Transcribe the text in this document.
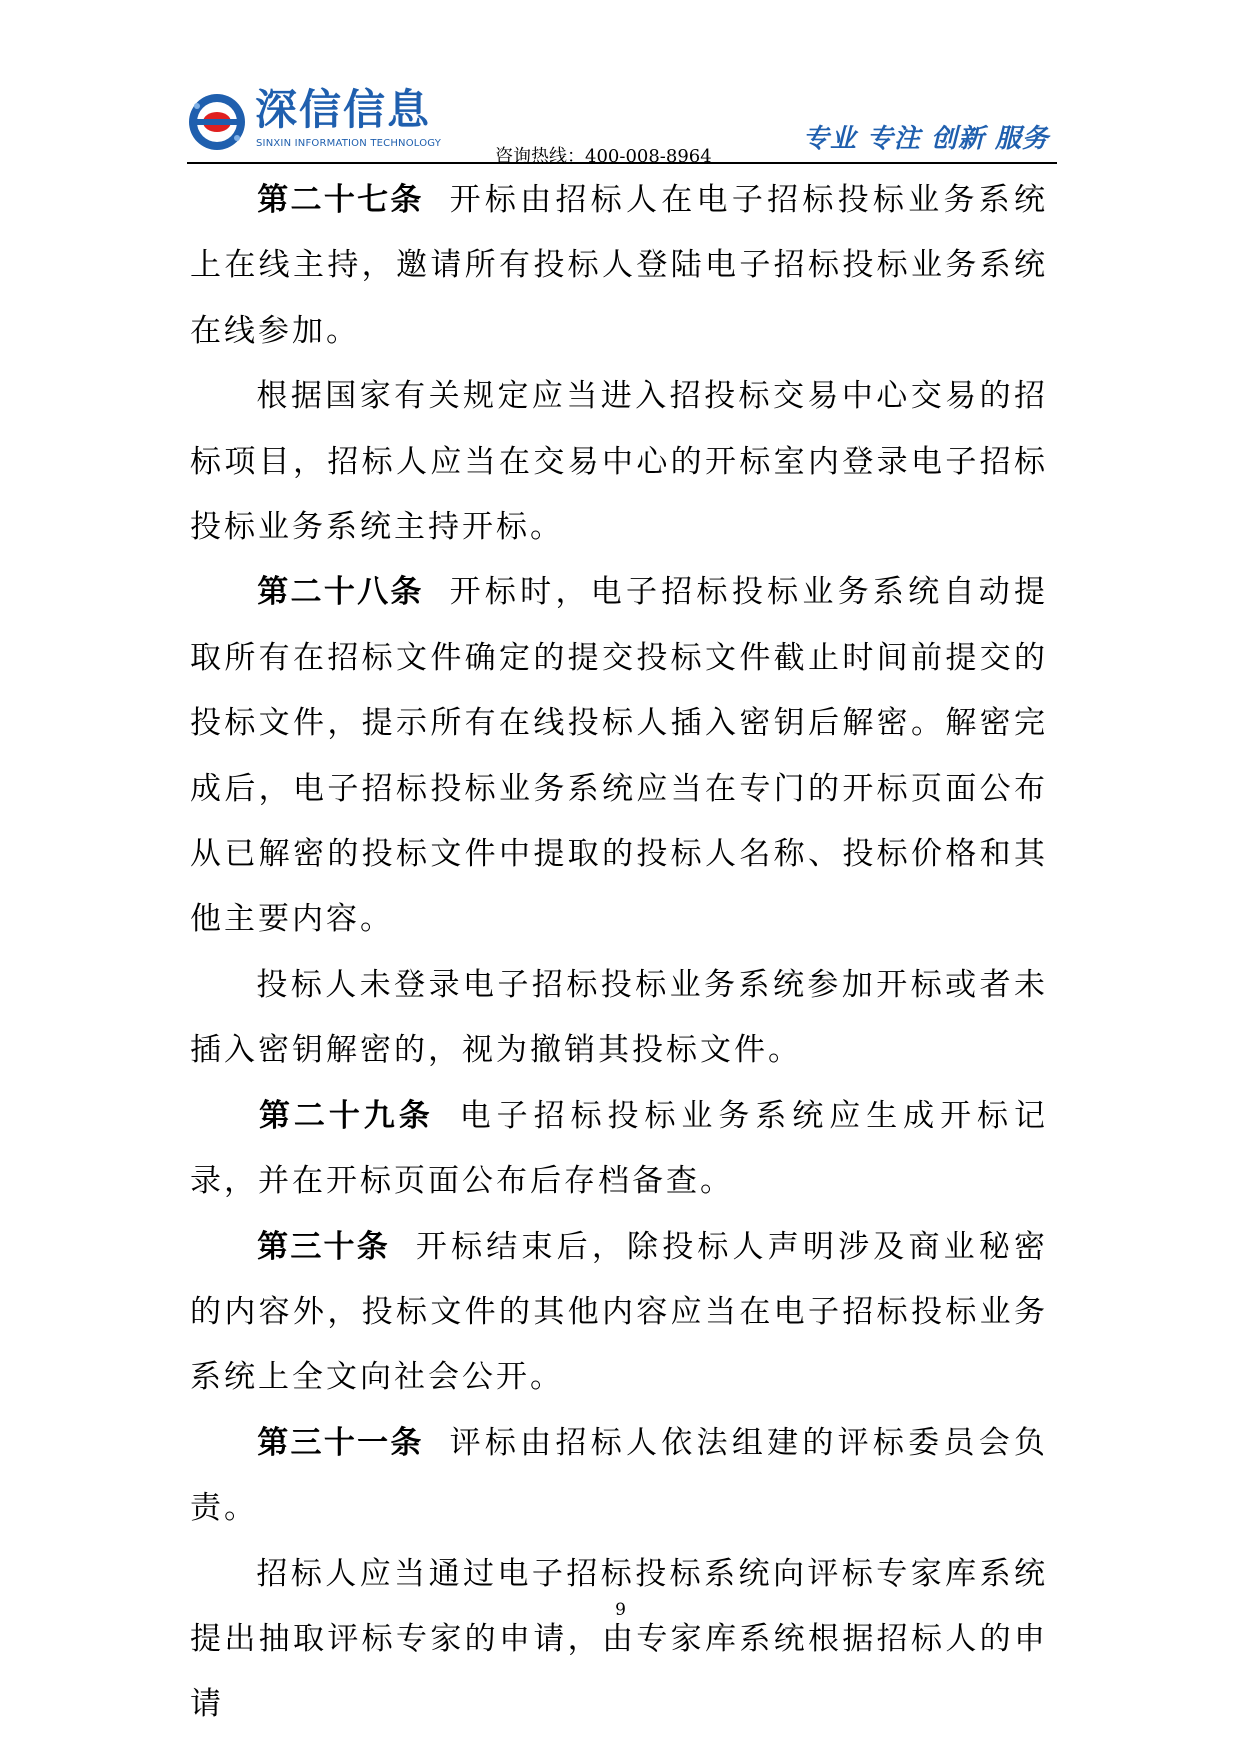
深信信息
SINXIN INFORMATION TECHNOLOGY
咨询热线：400-008-8964
专业 专注 创新 服务

第二十七条 开标由招标人在电子招标投标业务系统上在线主持，邀请所有投标人登陆电子招标投标业务系统在线参加。

根据国家有关规定应当进入招投标交易中心交易的招标项目，招标人应当在交易中心的开标室内登录电子招标投标业务系统主持开标。

第二十八条 开标时，电子招标投标业务系统自动提取所有在招标文件确定的提交投标文件截止时间前提交的投标文件，提示所有在线投标人插入密钥后解密。解密完成后，电子招标投标业务系统应当在专门的开标页面公布从已解密的投标文件中提取的投标人名称、投标价格和其他主要内容。

投标人未登录电子招标投标业务系统参加开标或者未插入密钥解密的，视为撤销其投标文件。

第二十九条 电子招标投标业务系统应生成开标记录，并在开标页面公布后存档备查。

第三十条 开标结束后，除投标人声明涉及商业秘密的内容外，投标文件的其他内容应当在电子招标投标业务系统上全文向社会公开。

第三十一条 评标由招标人依法组建的评标委员会负责。

招标人应当通过电子招标投标系统向评标专家库系统提出抽取评标专家的申请，由专家库系统根据招标人的申请

9
